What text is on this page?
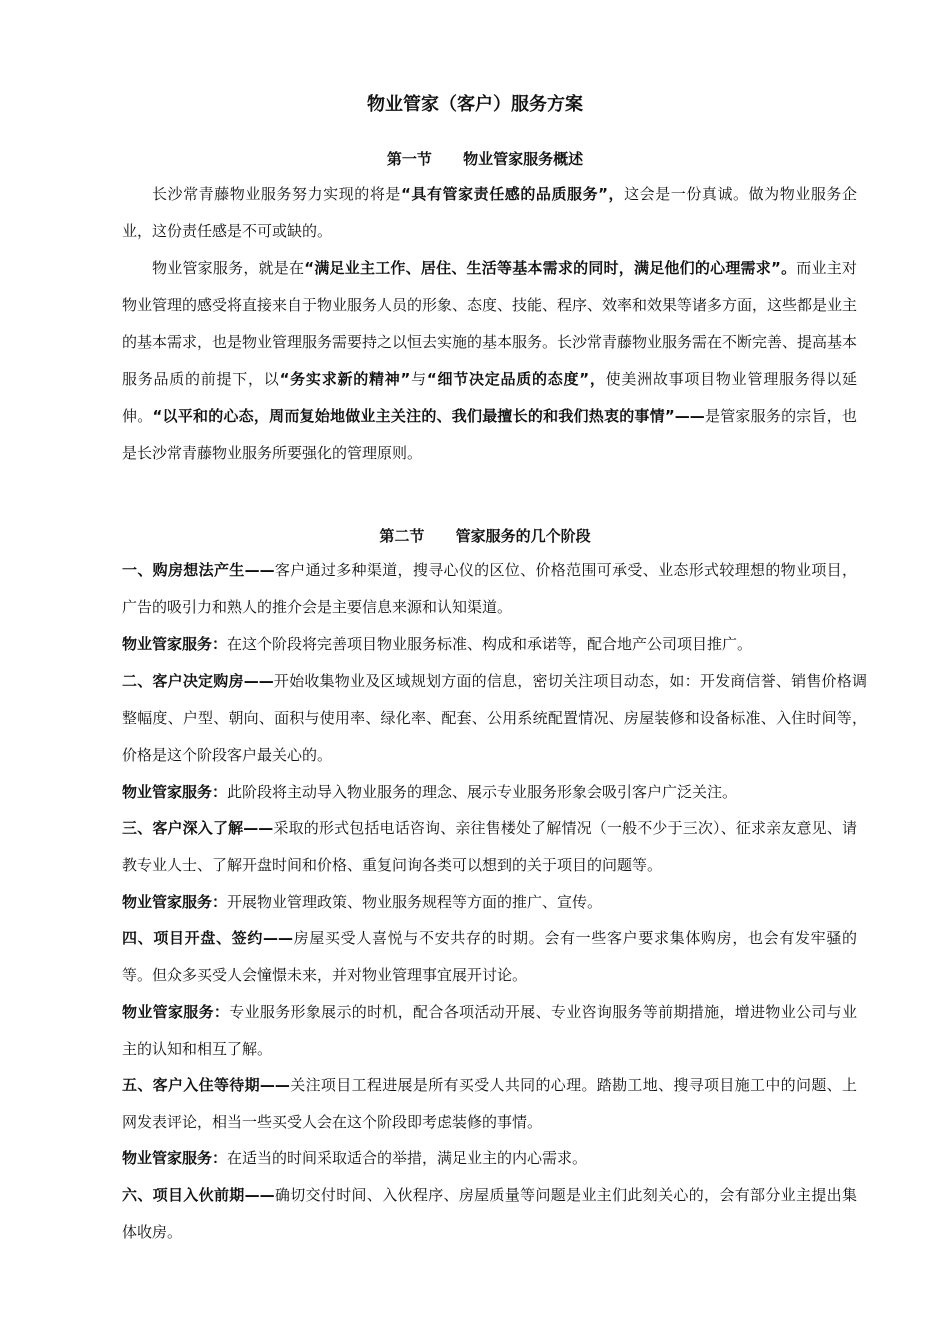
物业管家（客户）服务方案
第一节      物业管家服务概述

长沙常青藤物业服务努力实现的将是“具有管家责任感的品质服务”，这会是一份真诚。做为物业服务企业，这份责任感是不可或缺的。

物业管家服务，就是在“满足业主工作、居住、生活等基本需求的同时，满足他们的心理需求”。而业主对物业管理的感受将直接来自于物业服务人员的形象、态度、技能、程序、效率和效果等诸多方面，这些都是业主的基本需求，也是物业管理服务需要持之以恒去实施的基本服务。长沙常青藤物业服务需在不断完善、提高基本服务品质的前提下，以“务实求新的精神”与“细节决定品质的态度”，使美洲故事项目物业管理服务得以延伸。“以平和的心态，周而复始地做业主关注的、我们最擅长的和我们热衷的事情”——是管家服务的宗旨，也是长沙常青藤物业服务所要强化的管理原则。

第二节      管家服务的几个阶段

一、购房想法产生——客户通过多种渠道，搜寻心仪的区位、价格范围可承受、业态形式较理想的物业项目，广告的吸引力和熟人的推介会是主要信息来源和认知渠道。

物业管家服务：在这个阶段将完善项目物业服务标准、构成和承诺等，配合地产公司项目推广。

二、客户决定购房——开始收集物业及区域规划方面的信息，密切关注项目动态，如：开发商信誉、销售价格调整幅度、户型、朝向、面积与使用率、绿化率、配套、公用系统配置情况、房屋装修和设备标准、入住时间等，价格是这个阶段客户最关心的。

物业管家服务：此阶段将主动导入物业服务的理念、展示专业服务形象会吸引客户广泛关注。

三、客户深入了解——采取的形式包括电话咨询、亲往售楼处了解情况（一般不少于三次）、征求亲友意见、请教专业人士、了解开盘时间和价格、重复问询各类可以想到的关于项目的问题等。

物业管家服务：开展物业管理政策、物业服务规程等方面的推广、宣传。

四、项目开盘、签约——房屋买受人喜悦与不安共存的时期。会有一些客户要求集体购房，也会有发牢骚的等。但众多买受人会憧憬未来，并对物业管理事宜展开讨论。

物业管家服务：专业服务形象展示的时机，配合各项活动开展、专业咨询服务等前期措施，增进物业公司与业主的认知和相互了解。

五、客户入住等待期——关注项目工程进展是所有买受人共同的心理。踏勘工地、搜寻项目施工中的问题、上网发表评论，相当一些买受人会在这个阶段即考虑装修的事情。

物业管家服务：在适当的时间采取适合的举措，满足业主的内心需求。

六、项目入伙前期——确切交付时间、入伙程序、房屋质量等问题是业主们此刻关心的，会有部分业主提出集体收房。
